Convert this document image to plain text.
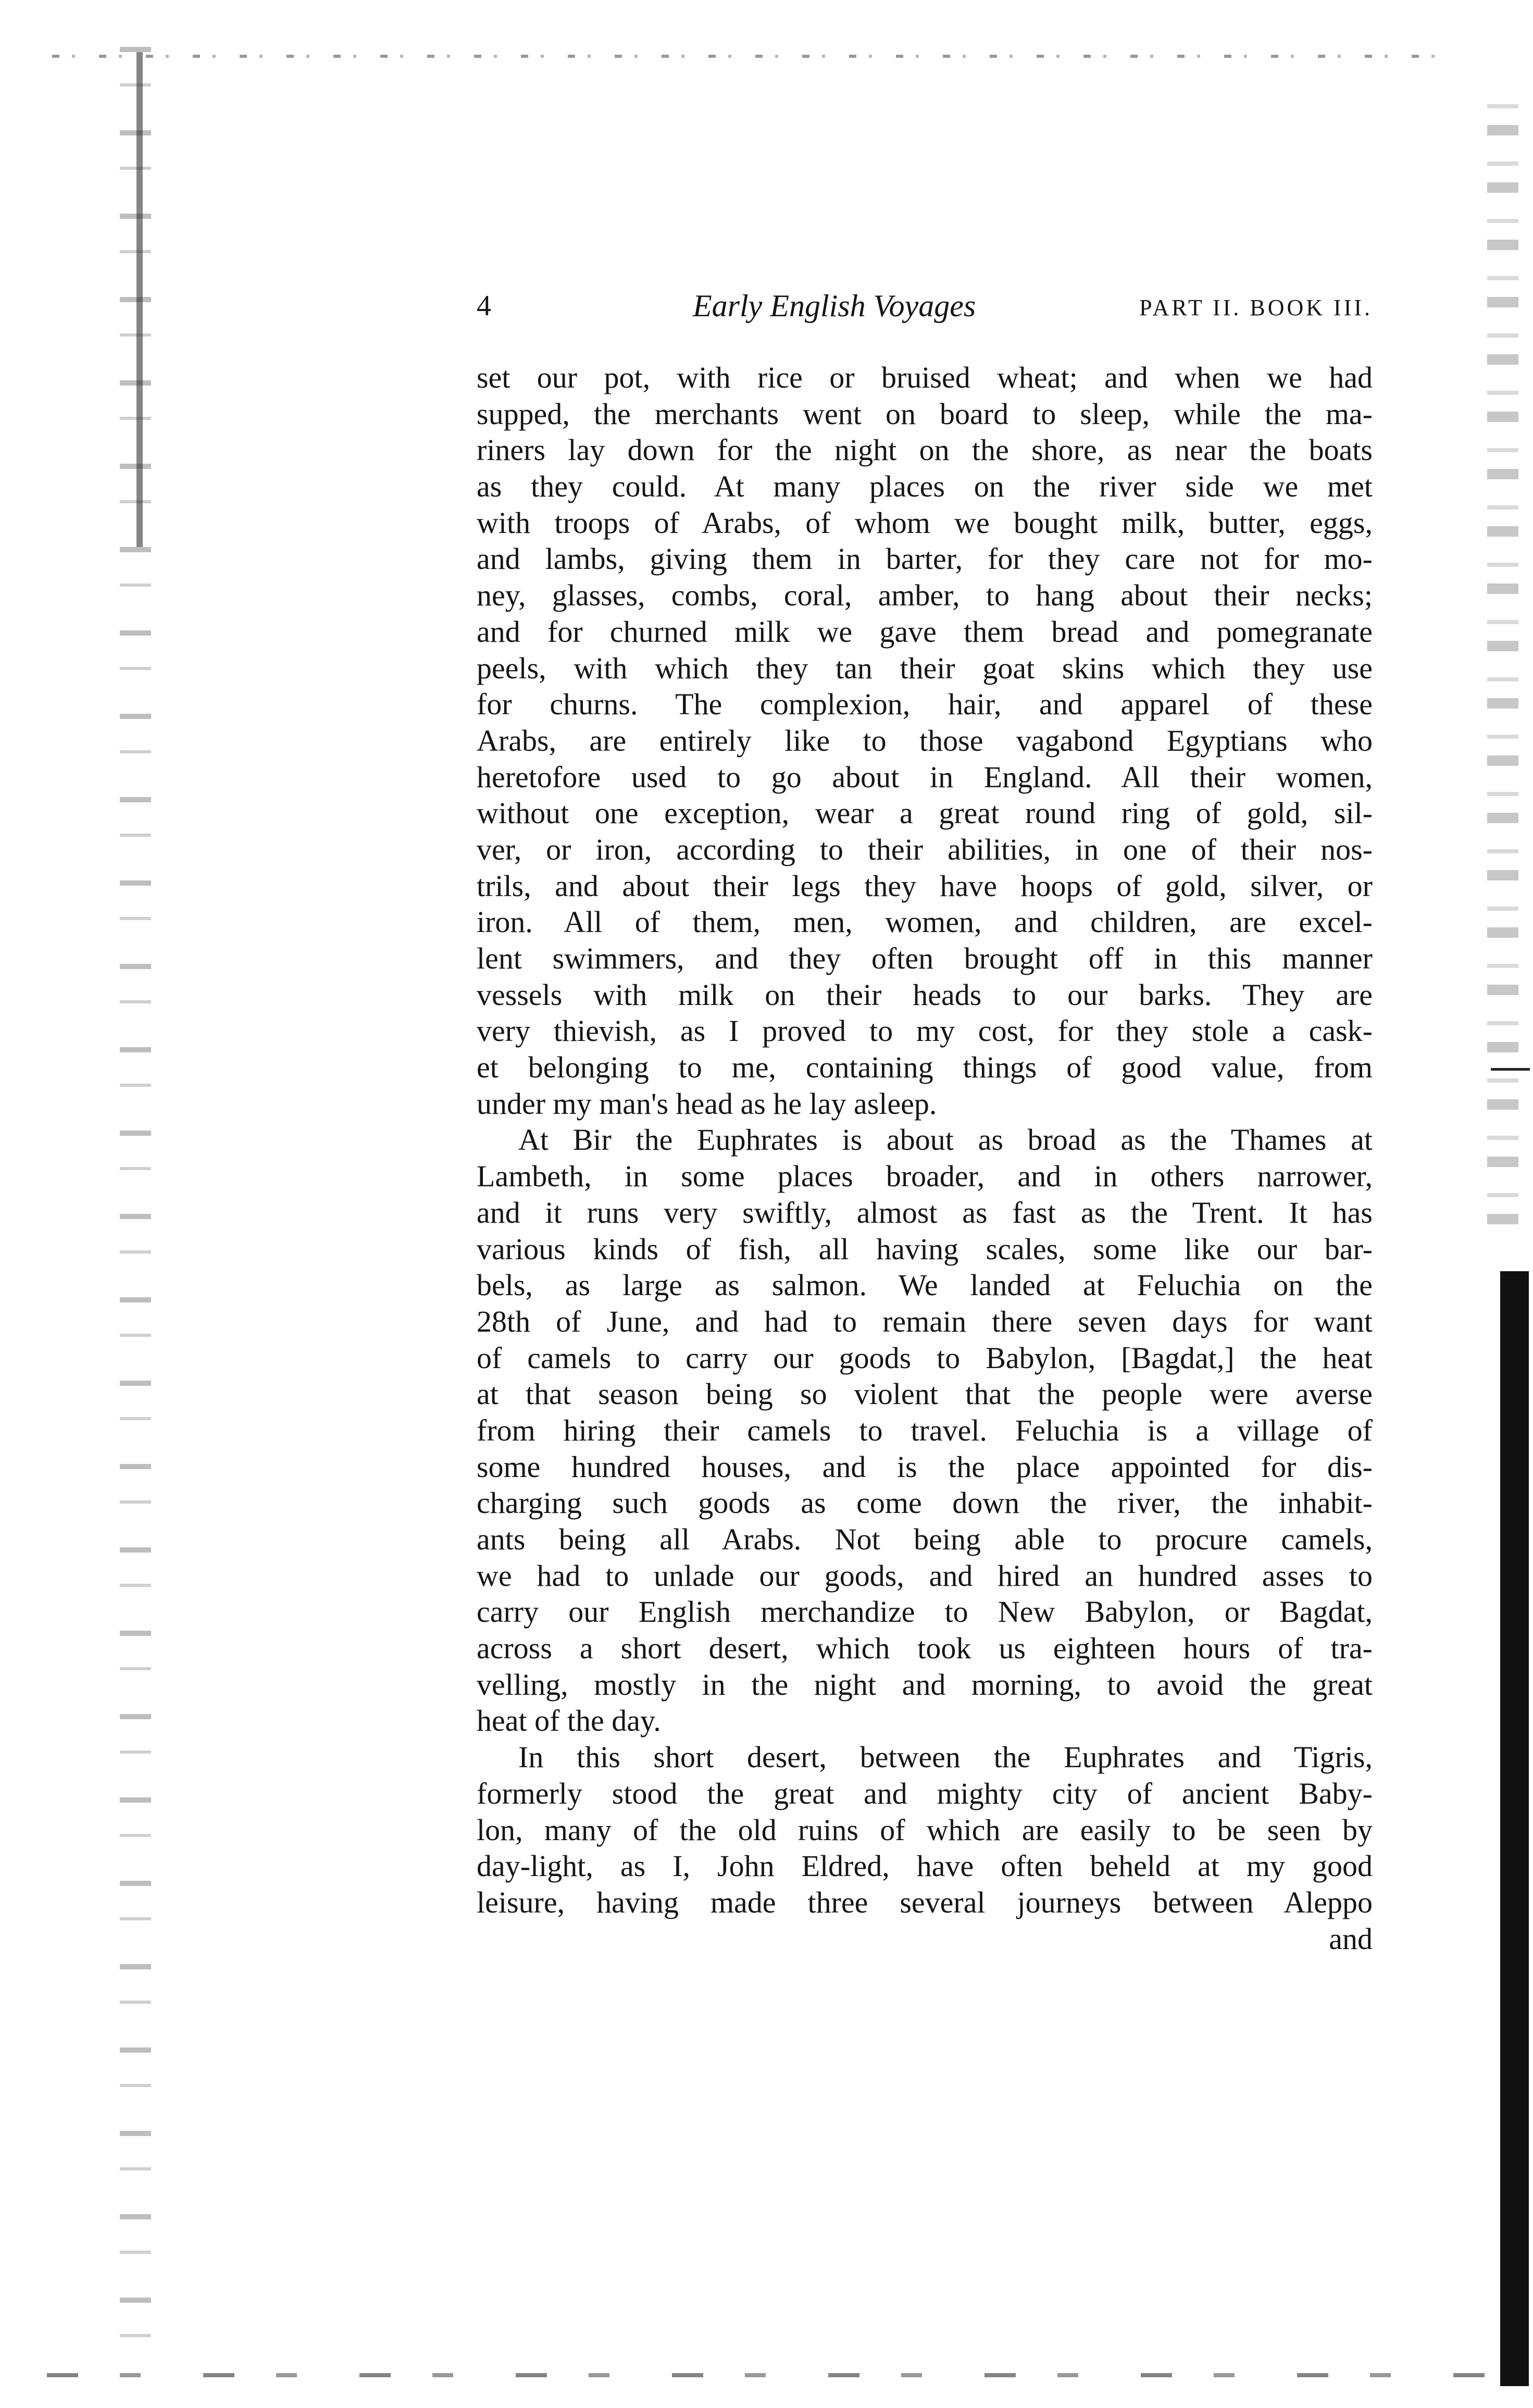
4	Early English Voyages	PART II. BOOK III.
set our pot, with rice or bruised wheat; and when we had
supped, the merchants went on board to sleep, while the ma-
riners lay down for the night on the shore, as near the boats
as they could. At many places on the river side we met
with troops of Arabs, of whom we bought milk, butter, eggs,
and lambs, giving them in barter, for they care not for mo-
ney, glasses, combs, coral, amber, to hang about their necks;
and for churned milk we gave them bread and pomegranate
peels, with which they tan their goat skins which they use
for churns. The complexion, hair, and apparel of these
Arabs, are entirely like to those vagabond Egyptians who
heretofore used to go about in England. All their women,
without one exception, wear a great round ring of gold, sil-
ver, or iron, according to their abilities, in one of their nos-
trils, and about their legs they have hoops of gold, silver, or
iron. All of them, men, women, and children, are excel-
lent swimmers, and they often brought off in this manner
vessels with milk on their heads to our barks. They are
very thievish, as I proved to my cost, for they stole a cask-
et belonging to me, containing things of good value, from
under my man's head as he lay asleep.
At Bir the Euphrates is about as broad as the Thames at
Lambeth, in some places broader, and in others narrower,
and it runs very swiftly, almost as fast as the Trent. It has
various kinds of fish, all having scales, some like our bar-
bels, as large as salmon. We landed at Feluchia on the
28th of June, and had to remain there seven days for want
of camels to carry our goods to Babylon, [Bagdat,] the heat
at that season being so violent that the people were averse
from hiring their camels to travel. Feluchia is a village of
some hundred houses, and is the place appointed for dis-
charging such goods as come down the river, the inhabit-
ants being all Arabs. Not being able to procure camels,
we had to unlade our goods, and hired an hundred asses to
carry our English merchandize to New Babylon, or Bagdat,
across a short desert, which took us eighteen hours of tra-
velling, mostly in the night and morning, to avoid the great
heat of the day.
In this short desert, between the Euphrates and Tigris,
formerly stood the great and mighty city of ancient Baby-
lon, many of the old ruins of which are easily to be seen by
day-light, as I, John Eldred, have often beheld at my good
leisure, having made three several journeys between Aleppo
and
